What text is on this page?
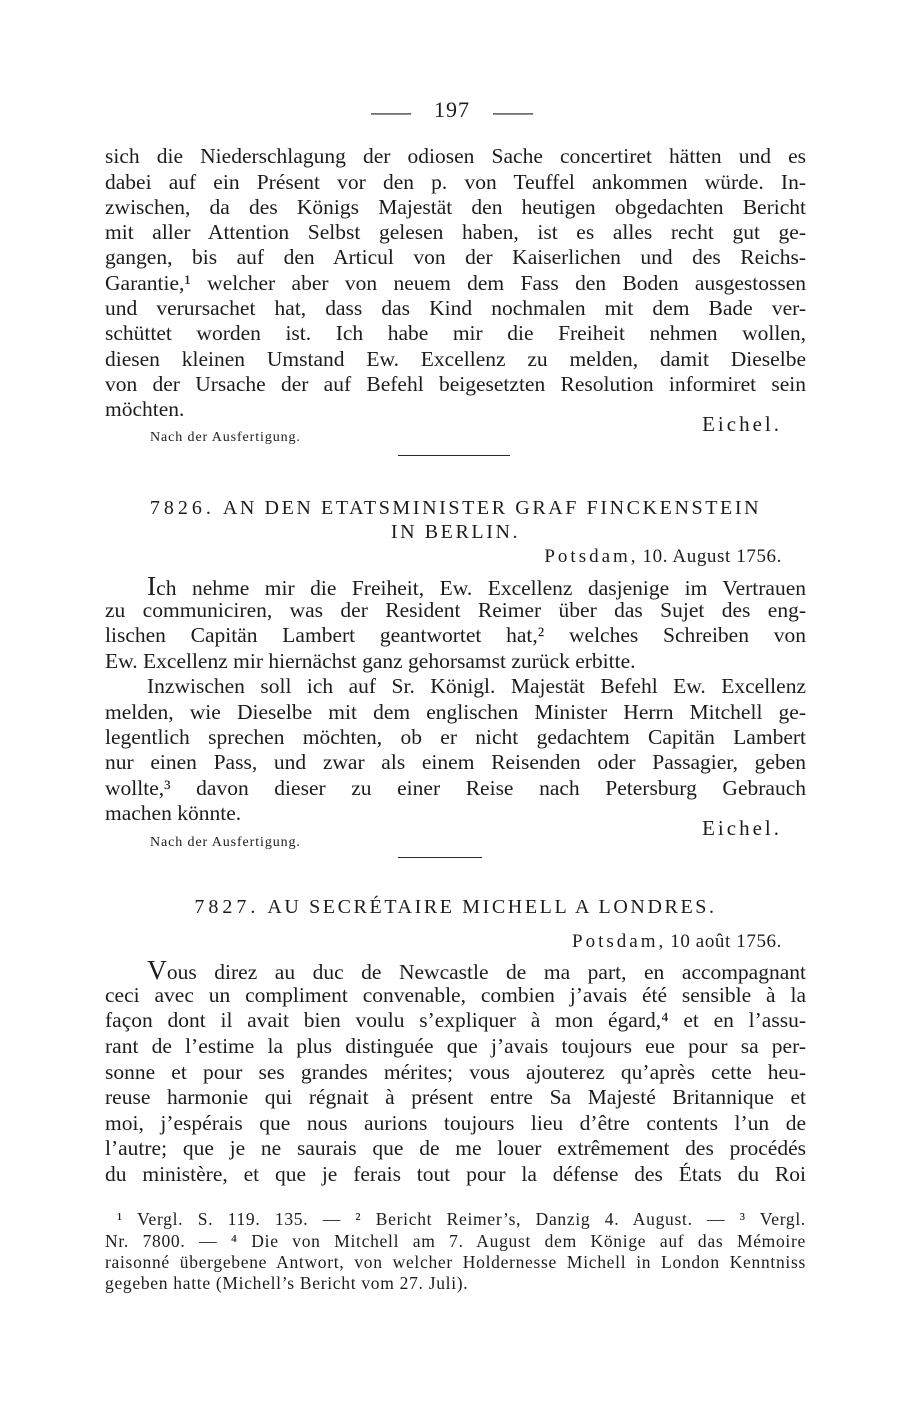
—	197	—
sich die Niederschlagung der odiosen Sache concertiret hätten und es
dabei auf ein Présent vor den p. von Teuffel ankommen würde. In-
zwischen, da des Königs Majestät den heutigen obgedachten Bericht
mit aller Attention Selbst gelesen haben, ist es alles recht gut ge-
gangen, bis auf den Articul von der Kaiserlichen und des Reichs-
Garantie,¹ welcher aber von neuem dem Fass den Boden ausgestossen
und verursachet hat, dass das Kind nochmalen mit dem Bade ver-
schüttet worden ist. Ich habe mir die Freiheit nehmen wollen,
diesen kleinen Umstand Ew. Excellenz zu melden, damit Dieselbe
von der Ursache der auf Befehl beigesetzten Resolution informiret sein
möchten.
Eichel.
Nach der Ausfertigung.
7826. AN DEN ETATSMINISTER GRAF FINCKENSTEIN
IN BERLIN.
Potsdam, 10. August 1756.
Ich nehme mir die Freiheit, Ew. Excellenz dasjenige im Vertrauen
zu communiciren, was der Resident Reimer über das Sujet des eng-
lischen Capitän Lambert geantwortet hat,² welches Schreiben von
Ew. Excellenz mir hiernächst ganz gehorsamst zurück erbitte.
Inzwischen soll ich auf Sr. Königl. Majestät Befehl Ew. Excellenz
melden, wie Dieselbe mit dem englischen Minister Herrn Mitchell ge-
legentlich sprechen möchten, ob er nicht gedachtem Capitän Lambert
nur einen Pass, und zwar als einem Reisenden oder Passagier, geben
wollte,³ davon dieser zu einer Reise nach Petersburg Gebrauch
machen könnte.
Eichel.
Nach der Ausfertigung.
7827. AU SECRÉTAIRE MICHELL A LONDRES.
Potsdam, 10 août 1756.
Vous direz au duc de Newcastle de ma part, en accompagnant
ceci avec un compliment convenable, combien j’avais été sensible à la
façon dont il avait bien voulu s’expliquer à mon égard,⁴ et en l’assu-
rant de l’estime la plus distinguée que j’avais toujours eue pour sa per-
sonne et pour ses grandes mérites; vous ajouterez qu’après cette heu-
reuse harmonie qui régnait à présent entre Sa Majesté Britannique et
moi, j’espérais que nous aurions toujours lieu d’être contents l’un de
l’autre; que je ne saurais que de me louer extrêmement des procédés
du ministère, et que je ferais tout pour la défense des États du Roi
¹ Vergl. S. 119. 135. — ² Bericht Reimer’s, Danzig 4. August. — ³ Vergl.
Nr. 7800. — ⁴ Die von Mitchell am 7. August dem Könige auf das Mémoire
raisonné übergebene Antwort, von welcher Holdernesse Michell in London Kenntniss
gegeben hatte (Michell’s Bericht vom 27. Juli).
